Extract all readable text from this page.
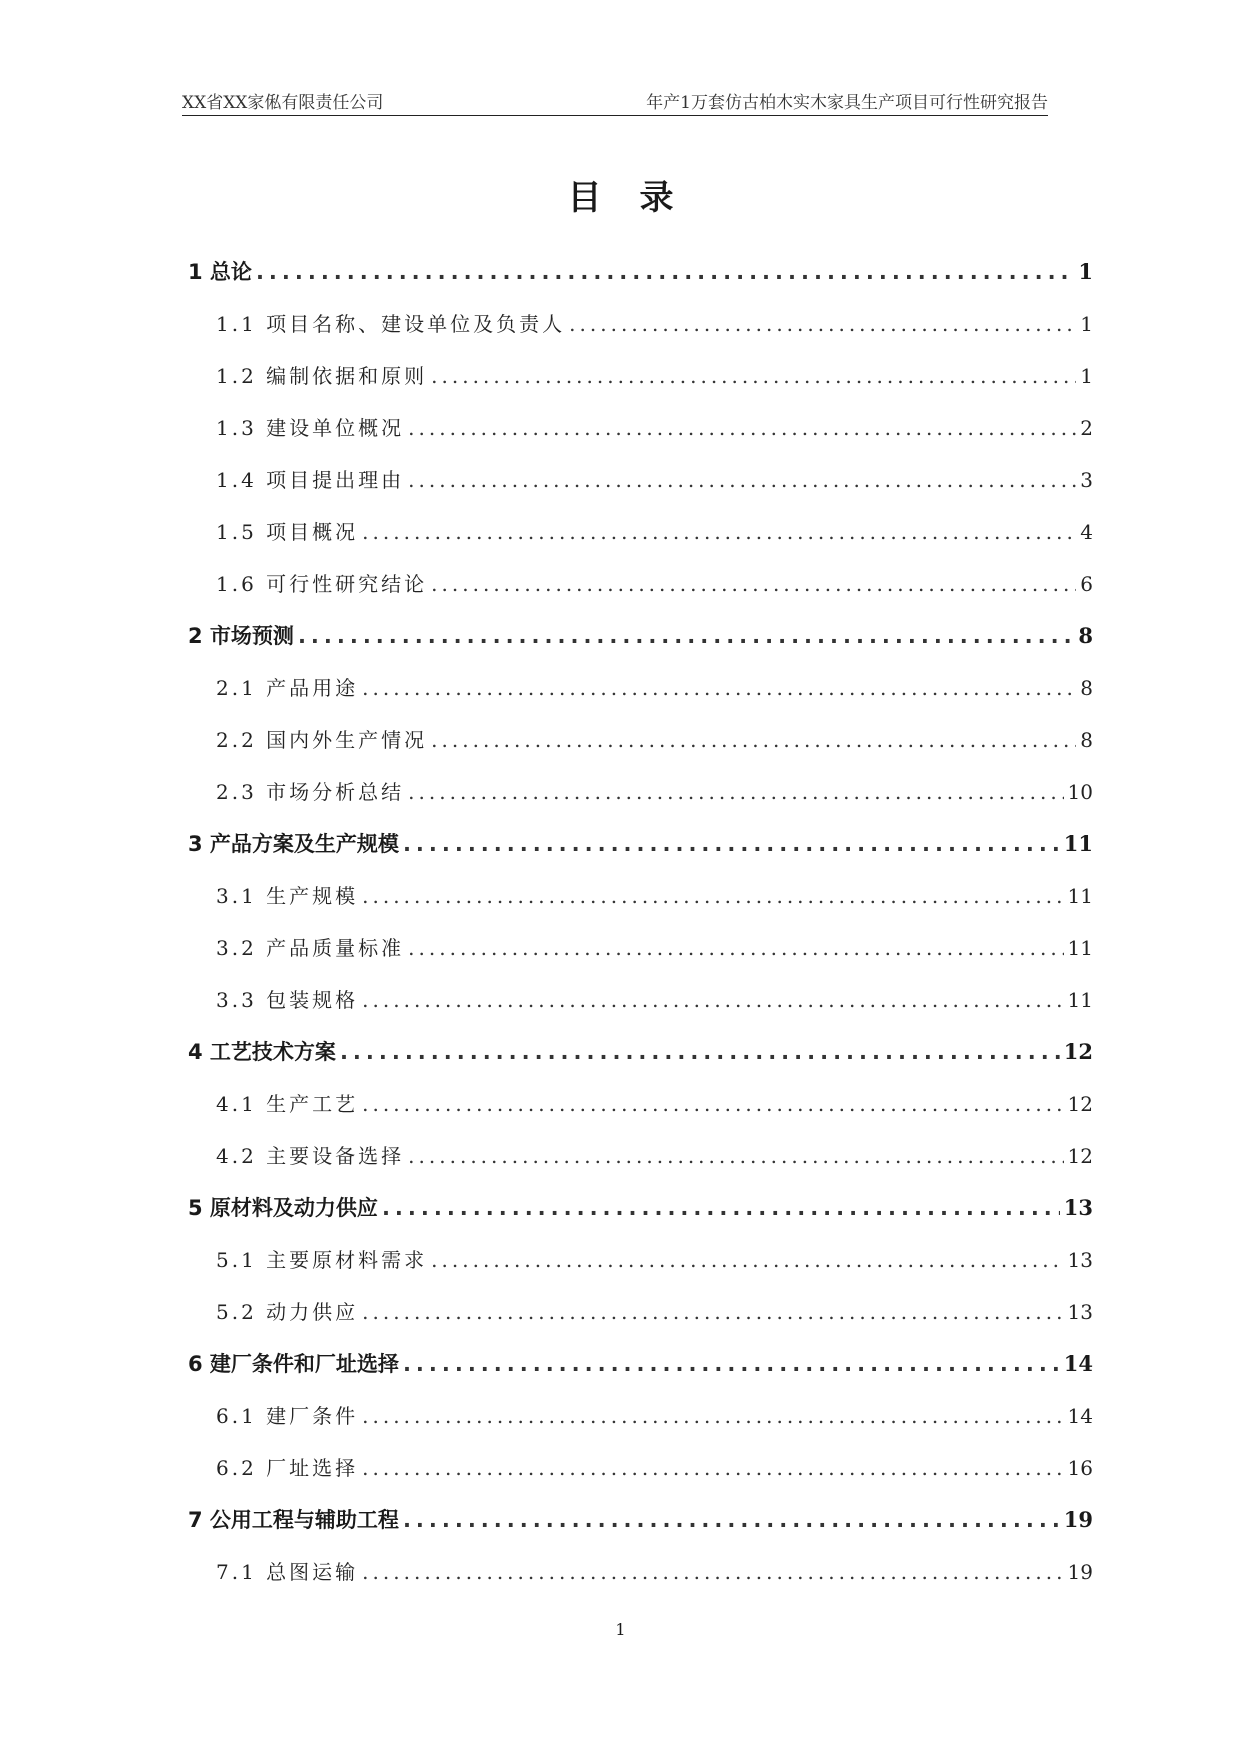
XX省XX家俬有限责任公司	年产1万套仿古柏木实木家具生产项目可行性研究报告
目录
1 总论 .....	1
1.1 项目名称、建设单位及负责人 .....	1
1.2 编制依据和原则 .....	1
1.3 建设单位概况 .....	2
1.4 项目提出理由 .....	3
1.5 项目概况 .....	4
1.6 可行性研究结论 .....	6
2 市场预测 .....	8
2.1 产品用途 .....	8
2.2 国内外生产情况 .....	8
2.3 市场分析总结 .....	10
3 产品方案及生产规模 .....	11
3.1 生产规模 .....	11
3.2 产品质量标准 .....	11
3.3 包装规格 .....	11
4 工艺技术方案 .....	12
4.1 生产工艺 .....	12
4.2 主要设备选择 .....	12
5 原材料及动力供应 .....	13
5.1 主要原材料需求 .....	13
5.2 动力供应 .....	13
6 建厂条件和厂址选择 .....	14
6.1 建厂条件 .....	14
6.2 厂址选择 .....	16
7 公用工程与辅助工程 .....	19
7.1 总图运输 .....	19
1
